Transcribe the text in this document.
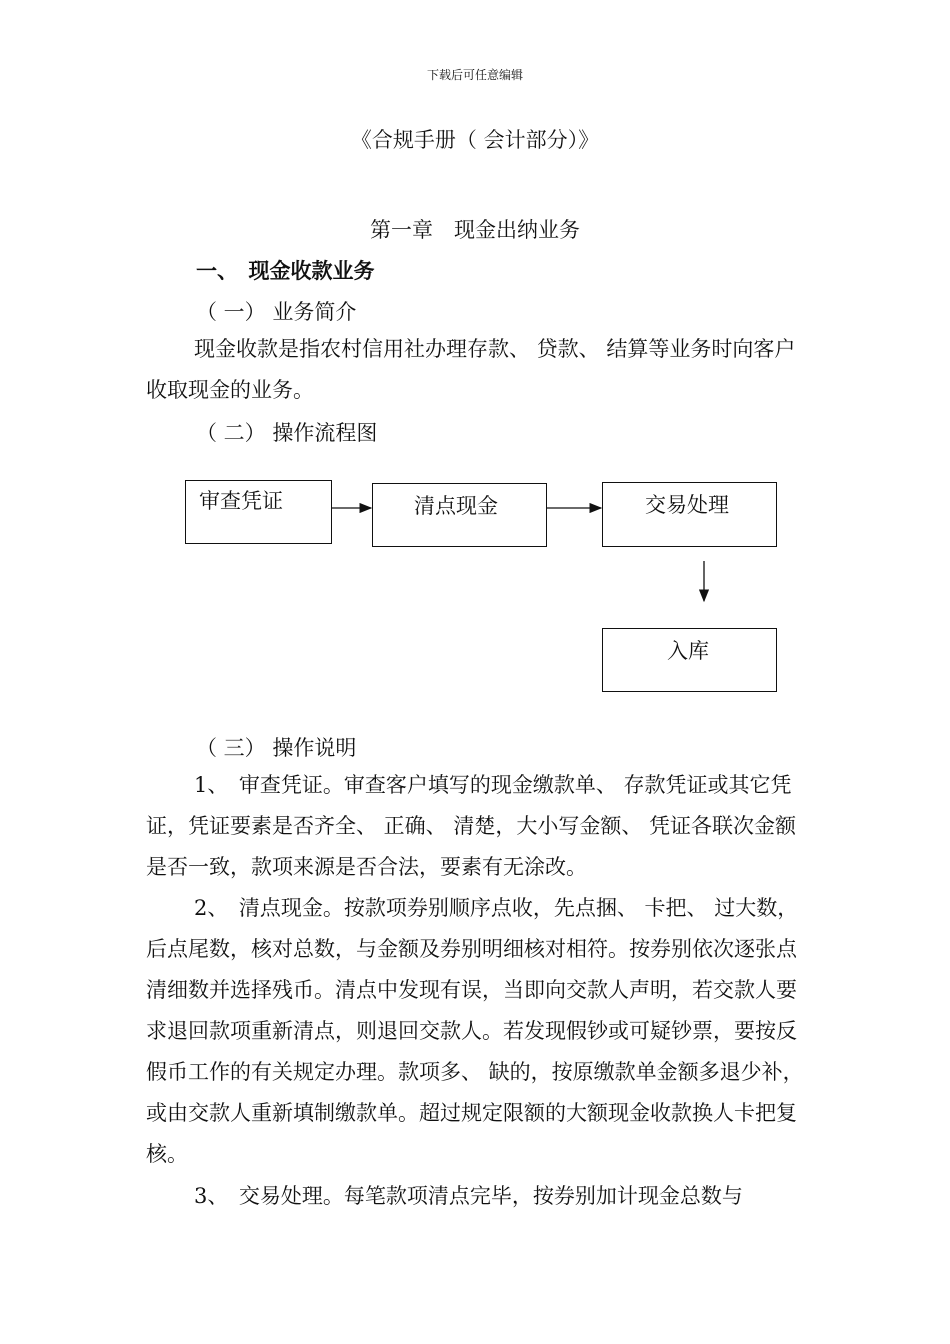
下载后可任意编辑
《合规手册（ 会计部分）》
第一章　现金出纳业务
一、　现金收款业务
（ 一） 业务简介
现金收款是指农村信用社办理存款、 贷款、 结算等业务时向客户收取现金的业务。
（ 二） 操作流程图
审查凭证	清点现金	交易处理
入库
（ 三） 操作说明
1、　审查凭证。审查客户填写的现金缴款单、 存款凭证或其它凭证，凭证要素是否齐全、 正确、 清楚，大小写金额、 凭证各联次金额是否一致，款项来源是否合法，要素有无涂改。
2、　清点现金。按款项券别顺序点收，先点捆、 卡把、 过大数，后点尾数，核对总数，与金额及券别明细核对相符。按券别依次逐张点清细数并选择残币。清点中发现有误，当即向交款人声明，若交款人要求退回款项重新清点，则退回交款人。若发现假钞或可疑钞票，要按反假币工作的有关规定办理。款项多、 缺的，按原缴款单金额多退少补，或由交款人重新填制缴款单。超过规定限额的大额现金收款换人卡把复核。
3、　交易处理。每笔款项清点完毕，按券别加计现金总数与
